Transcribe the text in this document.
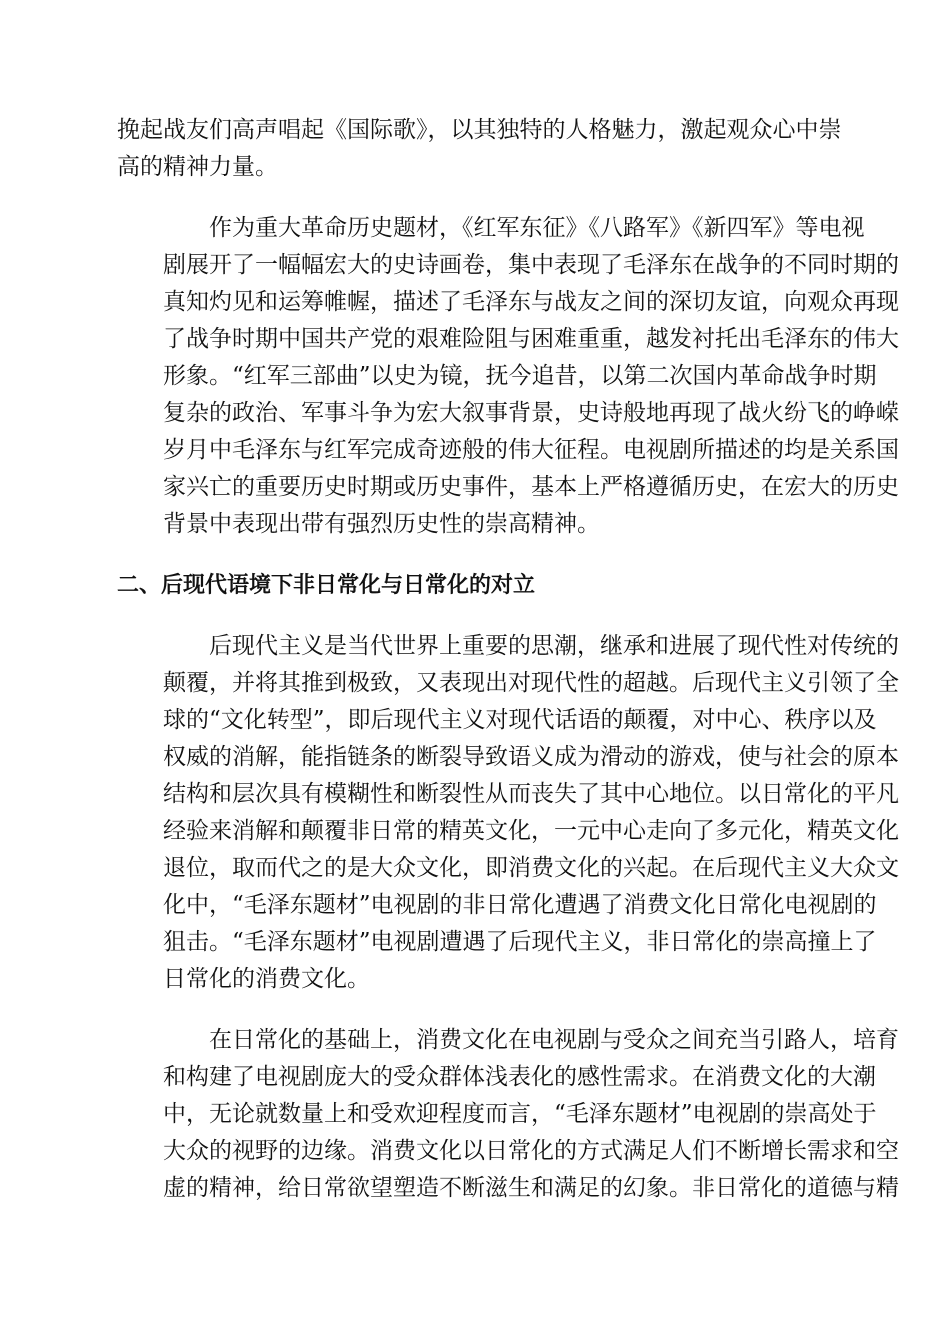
挽起战友们高声唱起《国际歌》，以其独特的人格魅力，激起观众心中崇
高的精神力量。
作为重大革命历史题材，《红军东征》《八路军》《新四军》等电视
剧展开了一幅幅宏大的史诗画卷，集中表现了毛泽东在战争的不同时期的
真知灼见和运筹帷幄，描述了毛泽东与战友之间的深切友谊，向观众再现
了战争时期中国共产党的艰难险阻与困难重重，越发衬托出毛泽东的伟大
形象。“红军三部曲”以史为镜，抚今追昔，以第二次国内革命战争时期
复杂的政治、军事斗争为宏大叙事背景，史诗般地再现了战火纷飞的峥嵘
岁月中毛泽东与红军完成奇迹般的伟大征程。电视剧所描述的均是关系国
家兴亡的重要历史时期或历史事件，基本上严格遵循历史，在宏大的历史
背景中表现出带有强烈历史性的崇高精神。
二、后现代语境下非日常化与日常化的对立
后现代主义是当代世界上重要的思潮，继承和进展了现代性对传统的
颠覆，并将其推到极致，又表现出对现代性的超越。后现代主义引领了全
球的“文化转型”，即后现代主义对现代话语的颠覆，对中心、秩序以及
权威的消解，能指链条的断裂导致语义成为滑动的游戏，使与社会的原本
结构和层次具有模糊性和断裂性从而丧失了其中心地位。以日常化的平凡
经验来消解和颠覆非日常的精英文化，一元中心走向了多元化，精英文化
退位，取而代之的是大众文化，即消费文化的兴起。在后现代主义大众文
化中，“毛泽东题材”电视剧的非日常化遭遇了消费文化日常化电视剧的
狙击。“毛泽东题材”电视剧遭遇了后现代主义，非日常化的崇高撞上了
日常化的消费文化。
在日常化的基础上，消费文化在电视剧与受众之间充当引路人，培育
和构建了电视剧庞大的受众群体浅表化的感性需求。在消费文化的大潮
中，无论就数量上和受欢迎程度而言，“毛泽东题材”电视剧的崇高处于
大众的视野的边缘。消费文化以日常化的方式满足人们不断增长需求和空
虚的精神，给日常欲望塑造不断滋生和满足的幻象。非日常化的道德与精
